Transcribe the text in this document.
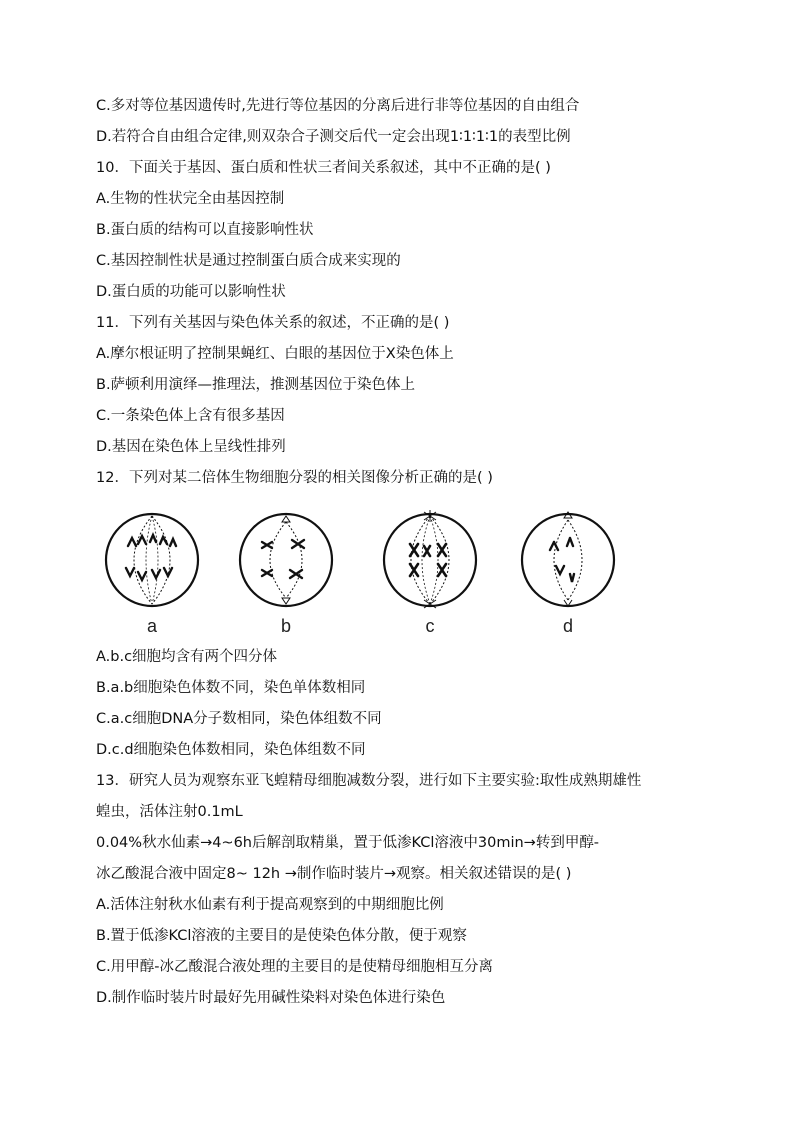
C.多对等位基因遗传时,先进行等位基因的分离后进行非等位基因的自由组合
D.若符合自由组合定律,则双杂合子测交后代一定会出现1∶1∶1∶1的表型比例
10．下面关于基因、蛋白质和性状三者间关系叙述，其中不正确的是( )
A.生物的性状完全由基因控制
B.蛋白质的结构可以直接影响性状
C.基因控制性状是通过控制蛋白质合成来实现的
D.蛋白质的功能可以影响性状
11．下列有关基因与染色体关系的叙述，不正确的是( )
A.摩尔根证明了控制果蝇红、白眼的基因位于X染色体上
B.萨顿利用演绎—推理法，推测基因位于染色体上
C.一条染色体上含有很多基因
D.基因在染色体上呈线性排列
12．下列对某二倍体生物细胞分裂的相关图像分析正确的是( )
a	b	c	d
A.b.c细胞均含有两个四分体
B.a.b细胞染色体数不同，染色单体数相同
C.a.c细胞DNA分子数相同，染色体组数不同
D.c.d细胞染色体数相同，染色体组数不同
13．研究人员为观察东亚飞蝗精母细胞减数分裂，进行如下主要实验:取性成熟期雄性
蝗虫，活体注射0.1mL
0.04%秋水仙素→4~6h后解剖取精巢，置于低渗KCl溶液中30min→转到甲醇-
冰乙酸混合液中固定8~ 12h →制作临时装片→观察。相关叙述错误的是( )
A.活体注射秋水仙素有利于提高观察到的中期细胞比例
B.置于低渗KCl溶液的主要目的是使染色体分散，便于观察
C.用甲醇-冰乙酸混合液处理的主要目的是使精母细胞相互分离
D.制作临时装片时最好先用碱性染料对染色体进行染色
